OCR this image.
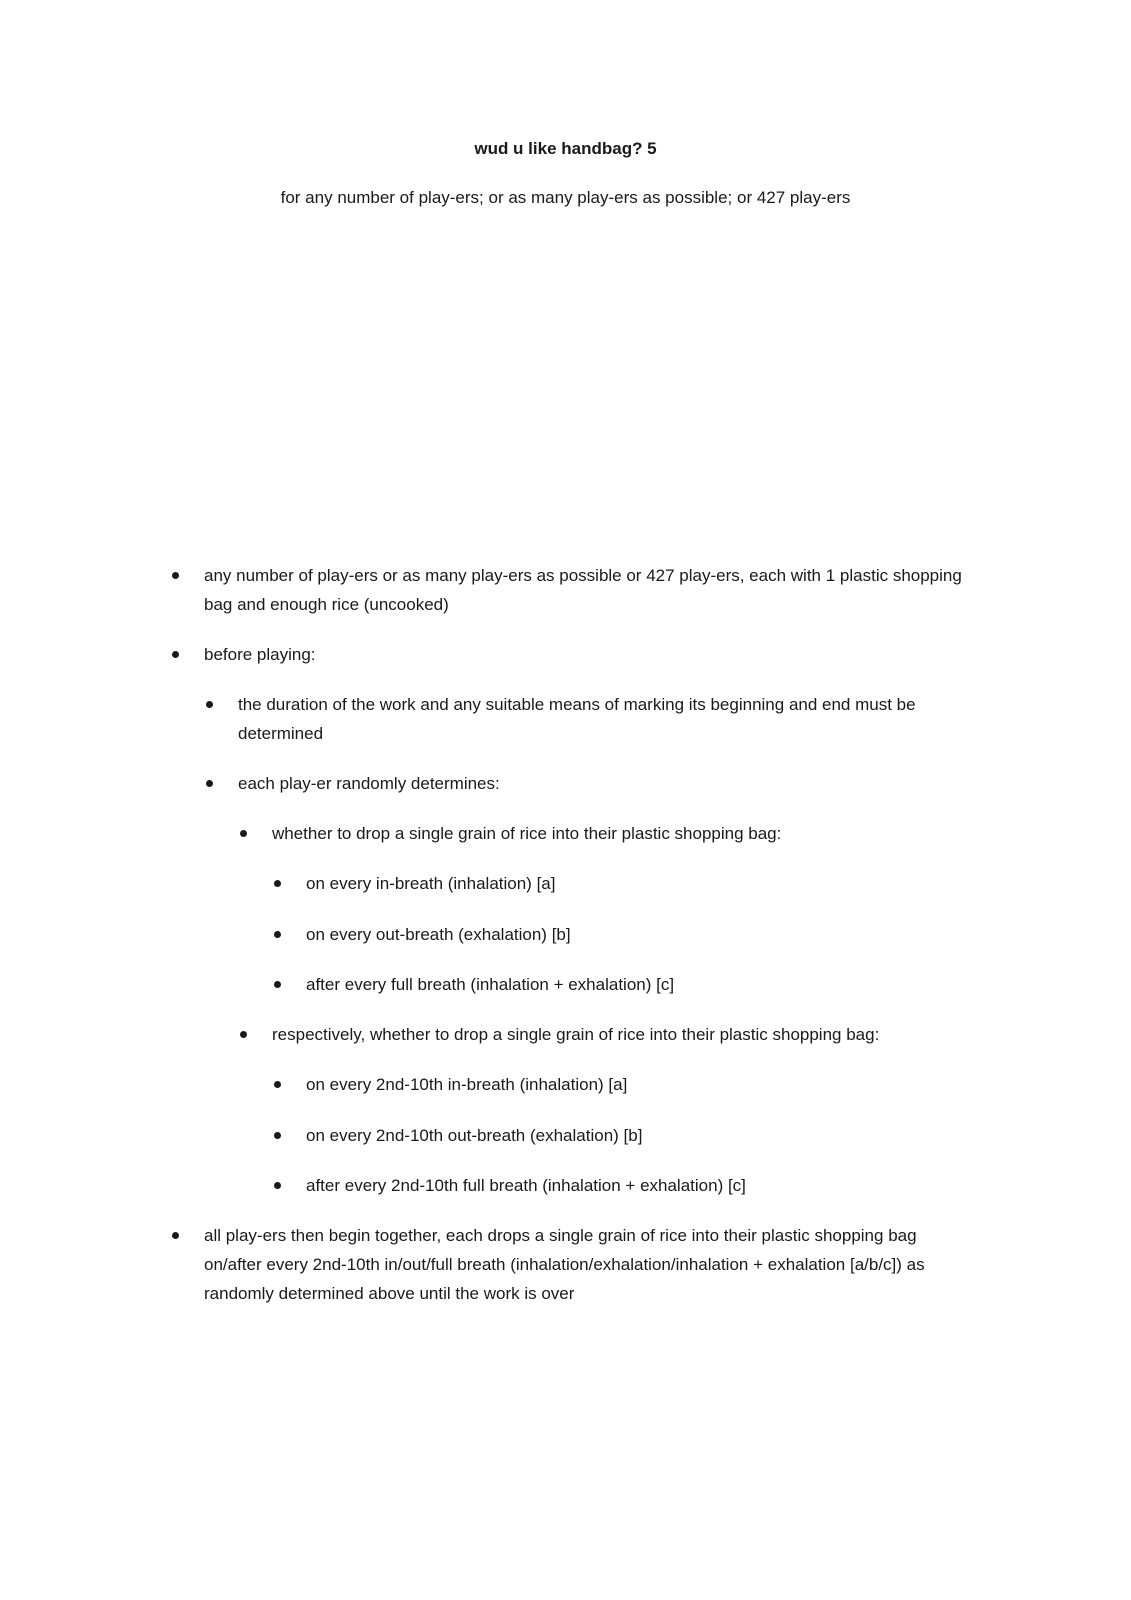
wud u like handbag? 5
for any number of play-ers; or as many play-ers as possible; or 427 play-ers
any number of play-ers or as many play-ers as possible or 427 play-ers, each with 1 plastic shopping bag and enough rice (uncooked)
before playing:
the duration of the work and any suitable means of marking its beginning and end must be determined
each play-er randomly determines:
whether to drop a single grain of rice into their plastic shopping bag:
on every in-breath (inhalation) [a]
on every out-breath (exhalation) [b]
after every full breath (inhalation + exhalation) [c]
respectively, whether to drop a single grain of rice into their plastic shopping bag:
on every 2nd-10th in-breath (inhalation) [a]
on every 2nd-10th out-breath (exhalation) [b]
after every 2nd-10th full breath (inhalation + exhalation) [c]
all play-ers then begin together, each drops a single grain of rice into their plastic shopping bag on/after every 2nd-10th in/out/full breath (inhalation/exhalation/inhalation + exhalation [a/b/c]) as randomly determined above until the work is over
